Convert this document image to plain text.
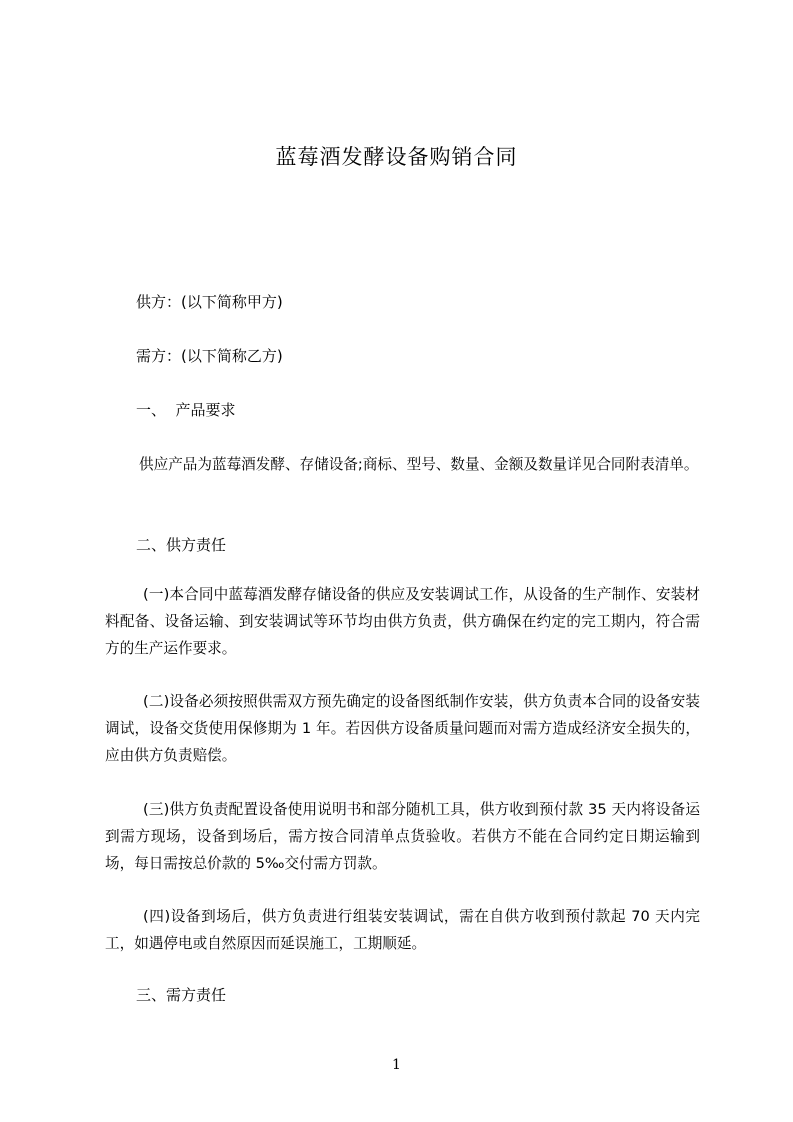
蓝莓酒发酵设备购销合同
供方：(以下简称甲方)
需方：(以下简称乙方)
一、  产品要求
供应产品为蓝莓酒发酵、存储设备;商标、型号、数量、金额及数量详见合同附表清单。
二、供方责任
(一)本合同中蓝莓酒发酵存储设备的供应及安装调试工作，从设备的生产制作、安装材料配备、设备运输、到安装调试等环节均由供方负责，供方确保在约定的完工期内，符合需方的生产运作要求。
(二)设备必须按照供需双方预先确定的设备图纸制作安装，供方负责本合同的设备安装调试，设备交货使用保修期为 1 年。若因供方设备质量问题而对需方造成经济安全损失的，应由供方负责赔偿。
(三)供方负责配置设备使用说明书和部分随机工具，供方收到预付款 35 天内将设备运到需方现场，设备到场后，需方按合同清单点货验收。若供方不能在合同约定日期运输到场，每日需按总价款的 5‰交付需方罚款。
(四)设备到场后，供方负责进行组装安装调试，需在自供方收到预付款起 70 天内完工，如遇停电或自然原因而延误施工，工期顺延。
三、需方责任
1
